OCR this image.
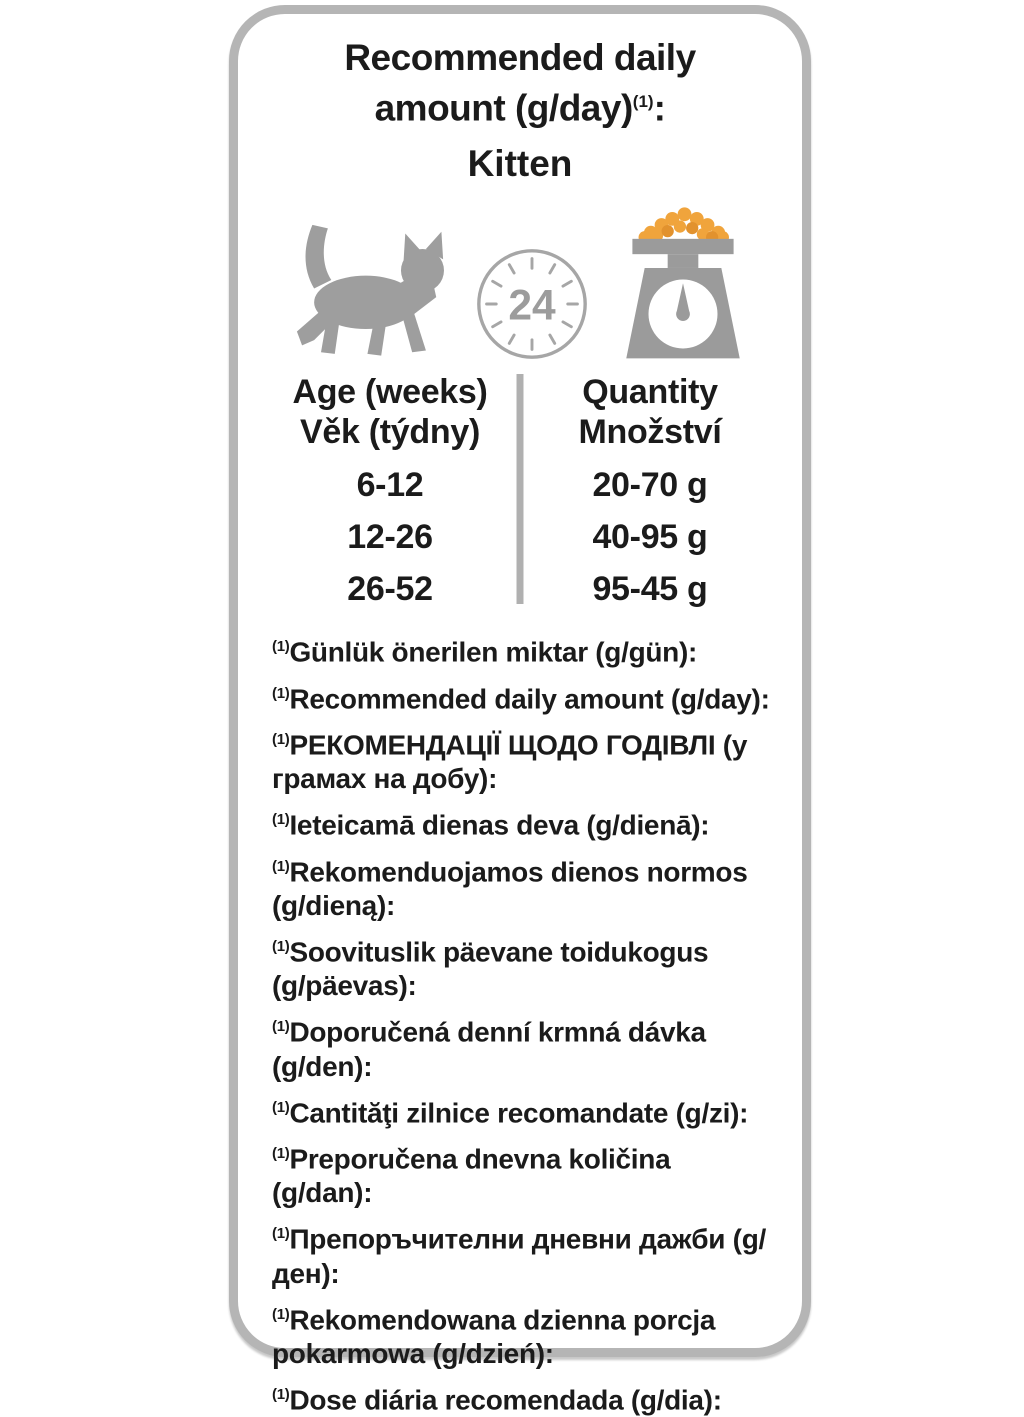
Recommended daily
amount $(g/day)^{(1)}$:
Kitten
24
Age (weeks)
Věk (týdny)
Quantity
Množství
6-12	20-70 g
12-26	40-95 g
26-52	95-45 g

$^{(1)}$Günlük önerilen miktar (g/gün):

$^{(1)}$Recommended daily amount (g/day):

$^{(1)}$РЕКОМЕНДАЦІЇ ЩОДО ГОДІВЛІ (у грамах на добу):

$^{(1)}$Ieteicamā dienas deva (g/dienā):

$^{(1)}$Rekomenduojamos dienos normos (g/dieną):

$^{(1)}$Soovituslik päevane toidukogus (g/päevas):

$^{(1)}$Doporučená denní krmná dávka (g/den):

$^{(1)}$Cantităţi zilnice recomandate (g/zi):

$^{(1)}$Preporučena dnevna količina (g/dan):

$^{(1)}$Препоръчителни дневни дажби (g/ден):

$^{(1)}$Rekomendowana dzienna porcja pokarmowa (g/dzień):

$^{(1)}$Dose diária recomendada (g/dia):
